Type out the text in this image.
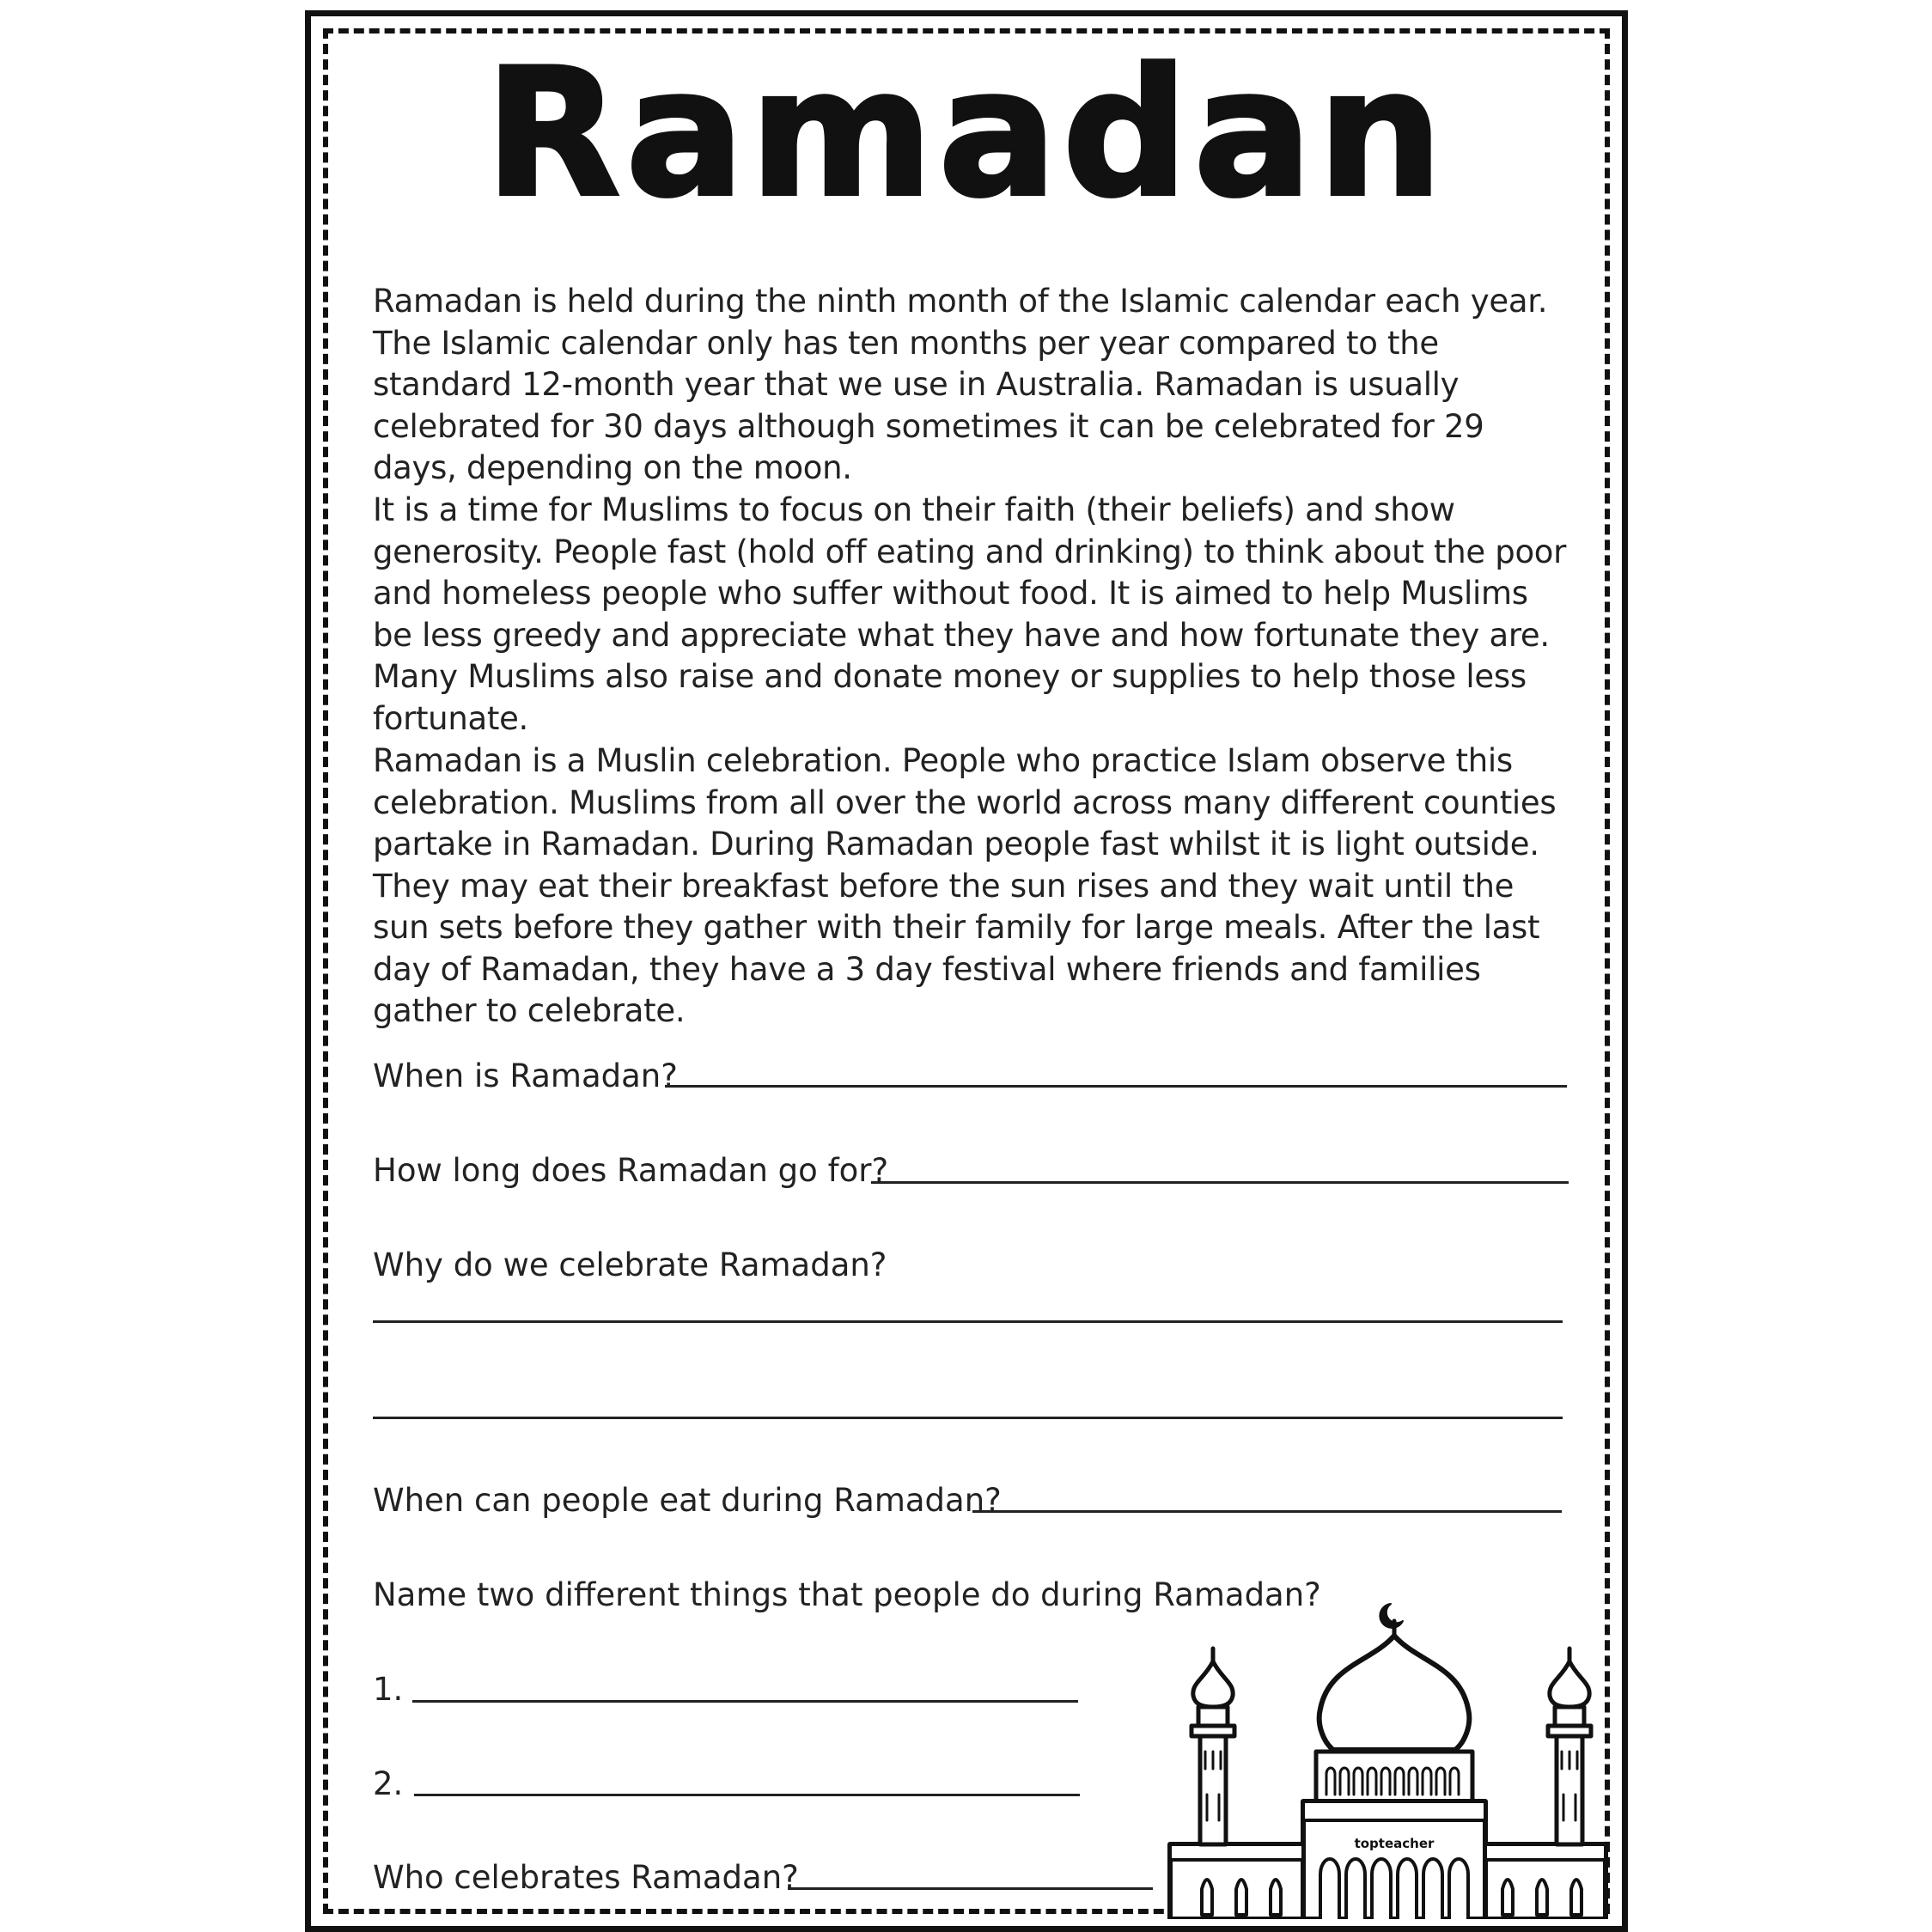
Ramadan

Ramadan is held during the ninth month of the Islamic calendar each year. The Islamic calendar only has ten months per year compared to the standard 12-month year that we use in Australia. Ramadan is usually celebrated for 30 days although sometimes it can be celebrated for 29 days, depending on the moon.

It is a time for Muslims to focus on their faith (their beliefs) and show generosity. People fast (hold off eating and drinking) to think about the poor and homeless people who suffer without food. It is aimed to help Muslims be less greedy and appreciate what they have and how fortunate they are. Many Muslims also raise and donate money or supplies to help those less fortunate.

Ramadan is a Muslin celebration. People who practice Islam observe this celebration. Muslims from all over the world across many different counties partake in Ramadan. During Ramadan people fast whilst it is light outside. They may eat their breakfast before the sun rises and they wait until the sun sets before they gather with their family for large meals. After the last day of Ramadan, they have a 3 day festival where friends and families gather to celebrate.

When is Ramadan?
How long does Ramadan go for?
Why do we celebrate Ramadan?
When can people eat during Ramadan?
Name two different things that people do during Ramadan?
1.
2.
Who celebrates Ramadan?
topteacher
